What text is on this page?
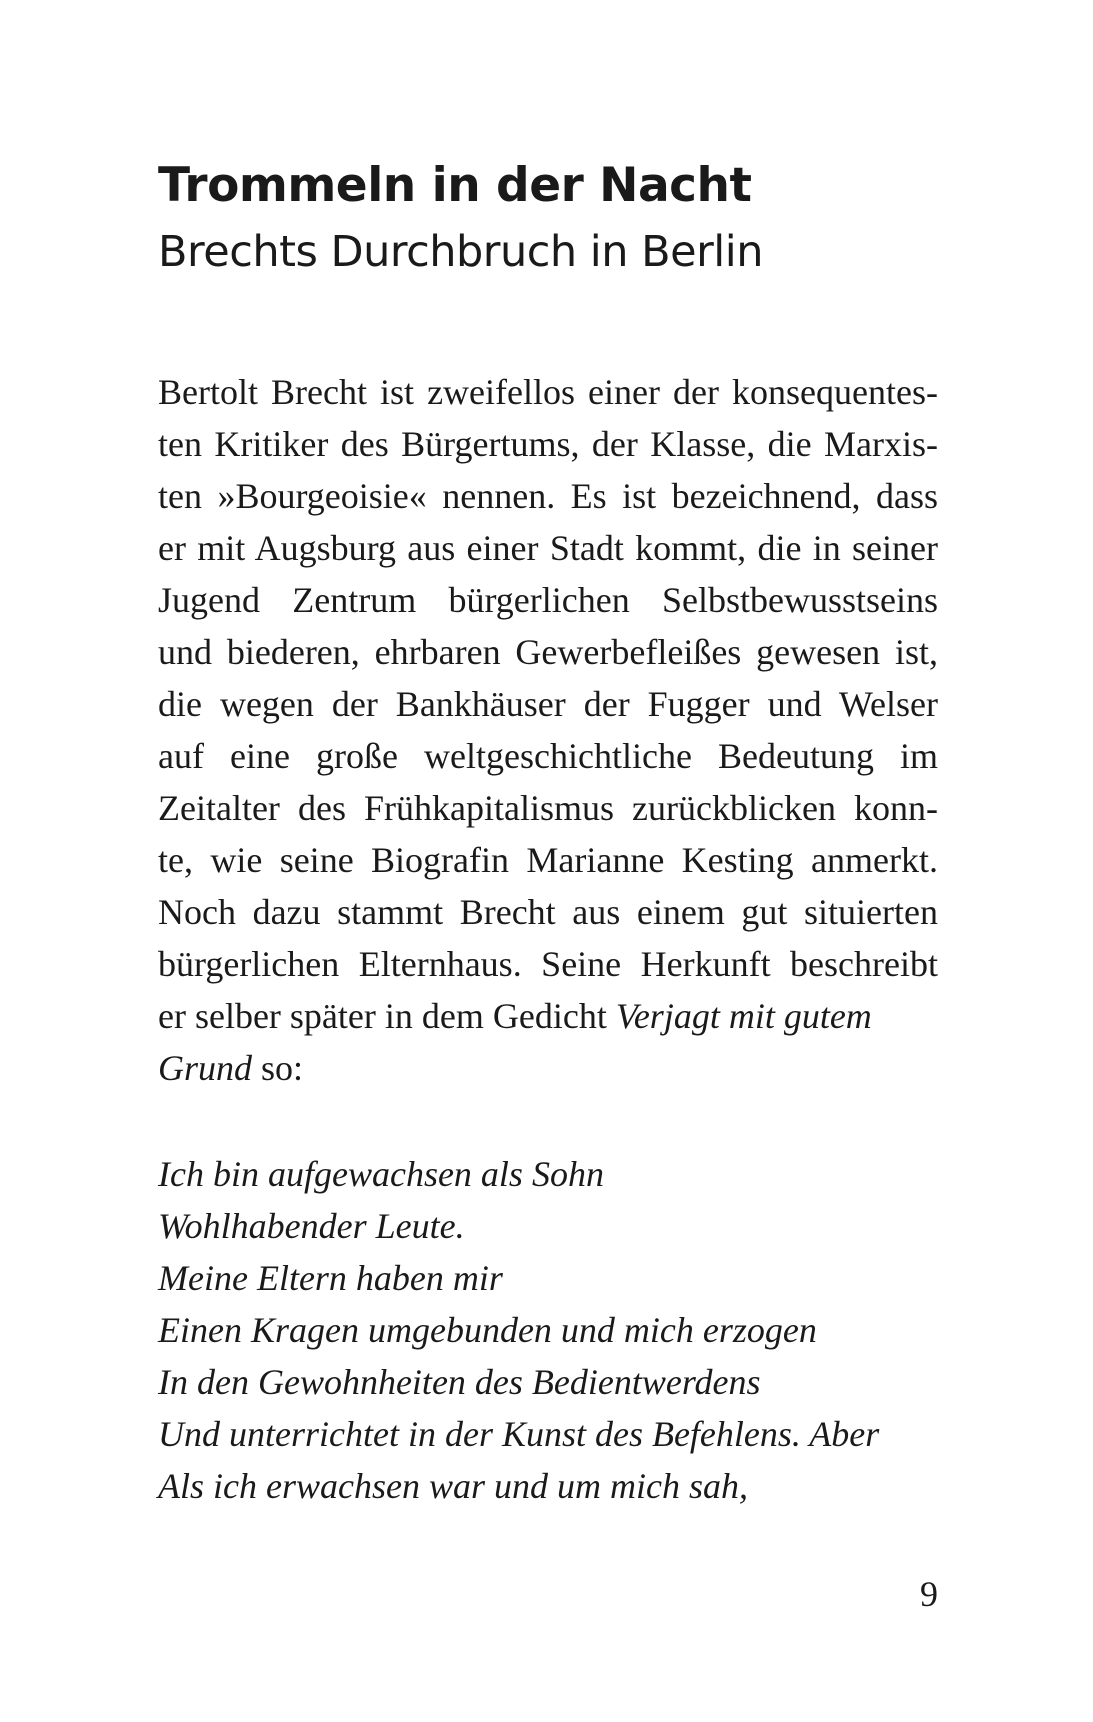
Trommeln in der Nacht
Brechts Durchbruch in Berlin
Bertolt Brecht ist zweifellos einer der konsequentes-
ten Kritiker des Bürgertums, der Klasse, die Marxis-
ten »Bourgeoisie« nennen. Es ist bezeichnend, dass
er mit Augsburg aus einer Stadt kommt, die in seiner
Jugend Zentrum bürgerlichen Selbstbewusstseins
und biederen, ehrbaren Gewerbefleißes gewesen ist,
die wegen der Bankhäuser der Fugger und Welser
auf eine große weltgeschichtliche Bedeutung im
Zeitalter des Frühkapitalismus zurückblicken konn-
te, wie seine Biografin Marianne Kesting anmerkt.
Noch dazu stammt Brecht aus einem gut situierten
bürgerlichen Elternhaus. Seine Herkunft beschreibt
er selber später in dem Gedicht Verjagt mit gutem
Grund so:
Ich bin aufgewachsen als Sohn
Wohlhabender Leute.
Meine Eltern haben mir
Einen Kragen umgebunden und mich erzogen
In den Gewohnheiten des Bedientwerdens
Und unterrichtet in der Kunst des Befehlens. Aber
Als ich erwachsen war und um mich sah,
9
